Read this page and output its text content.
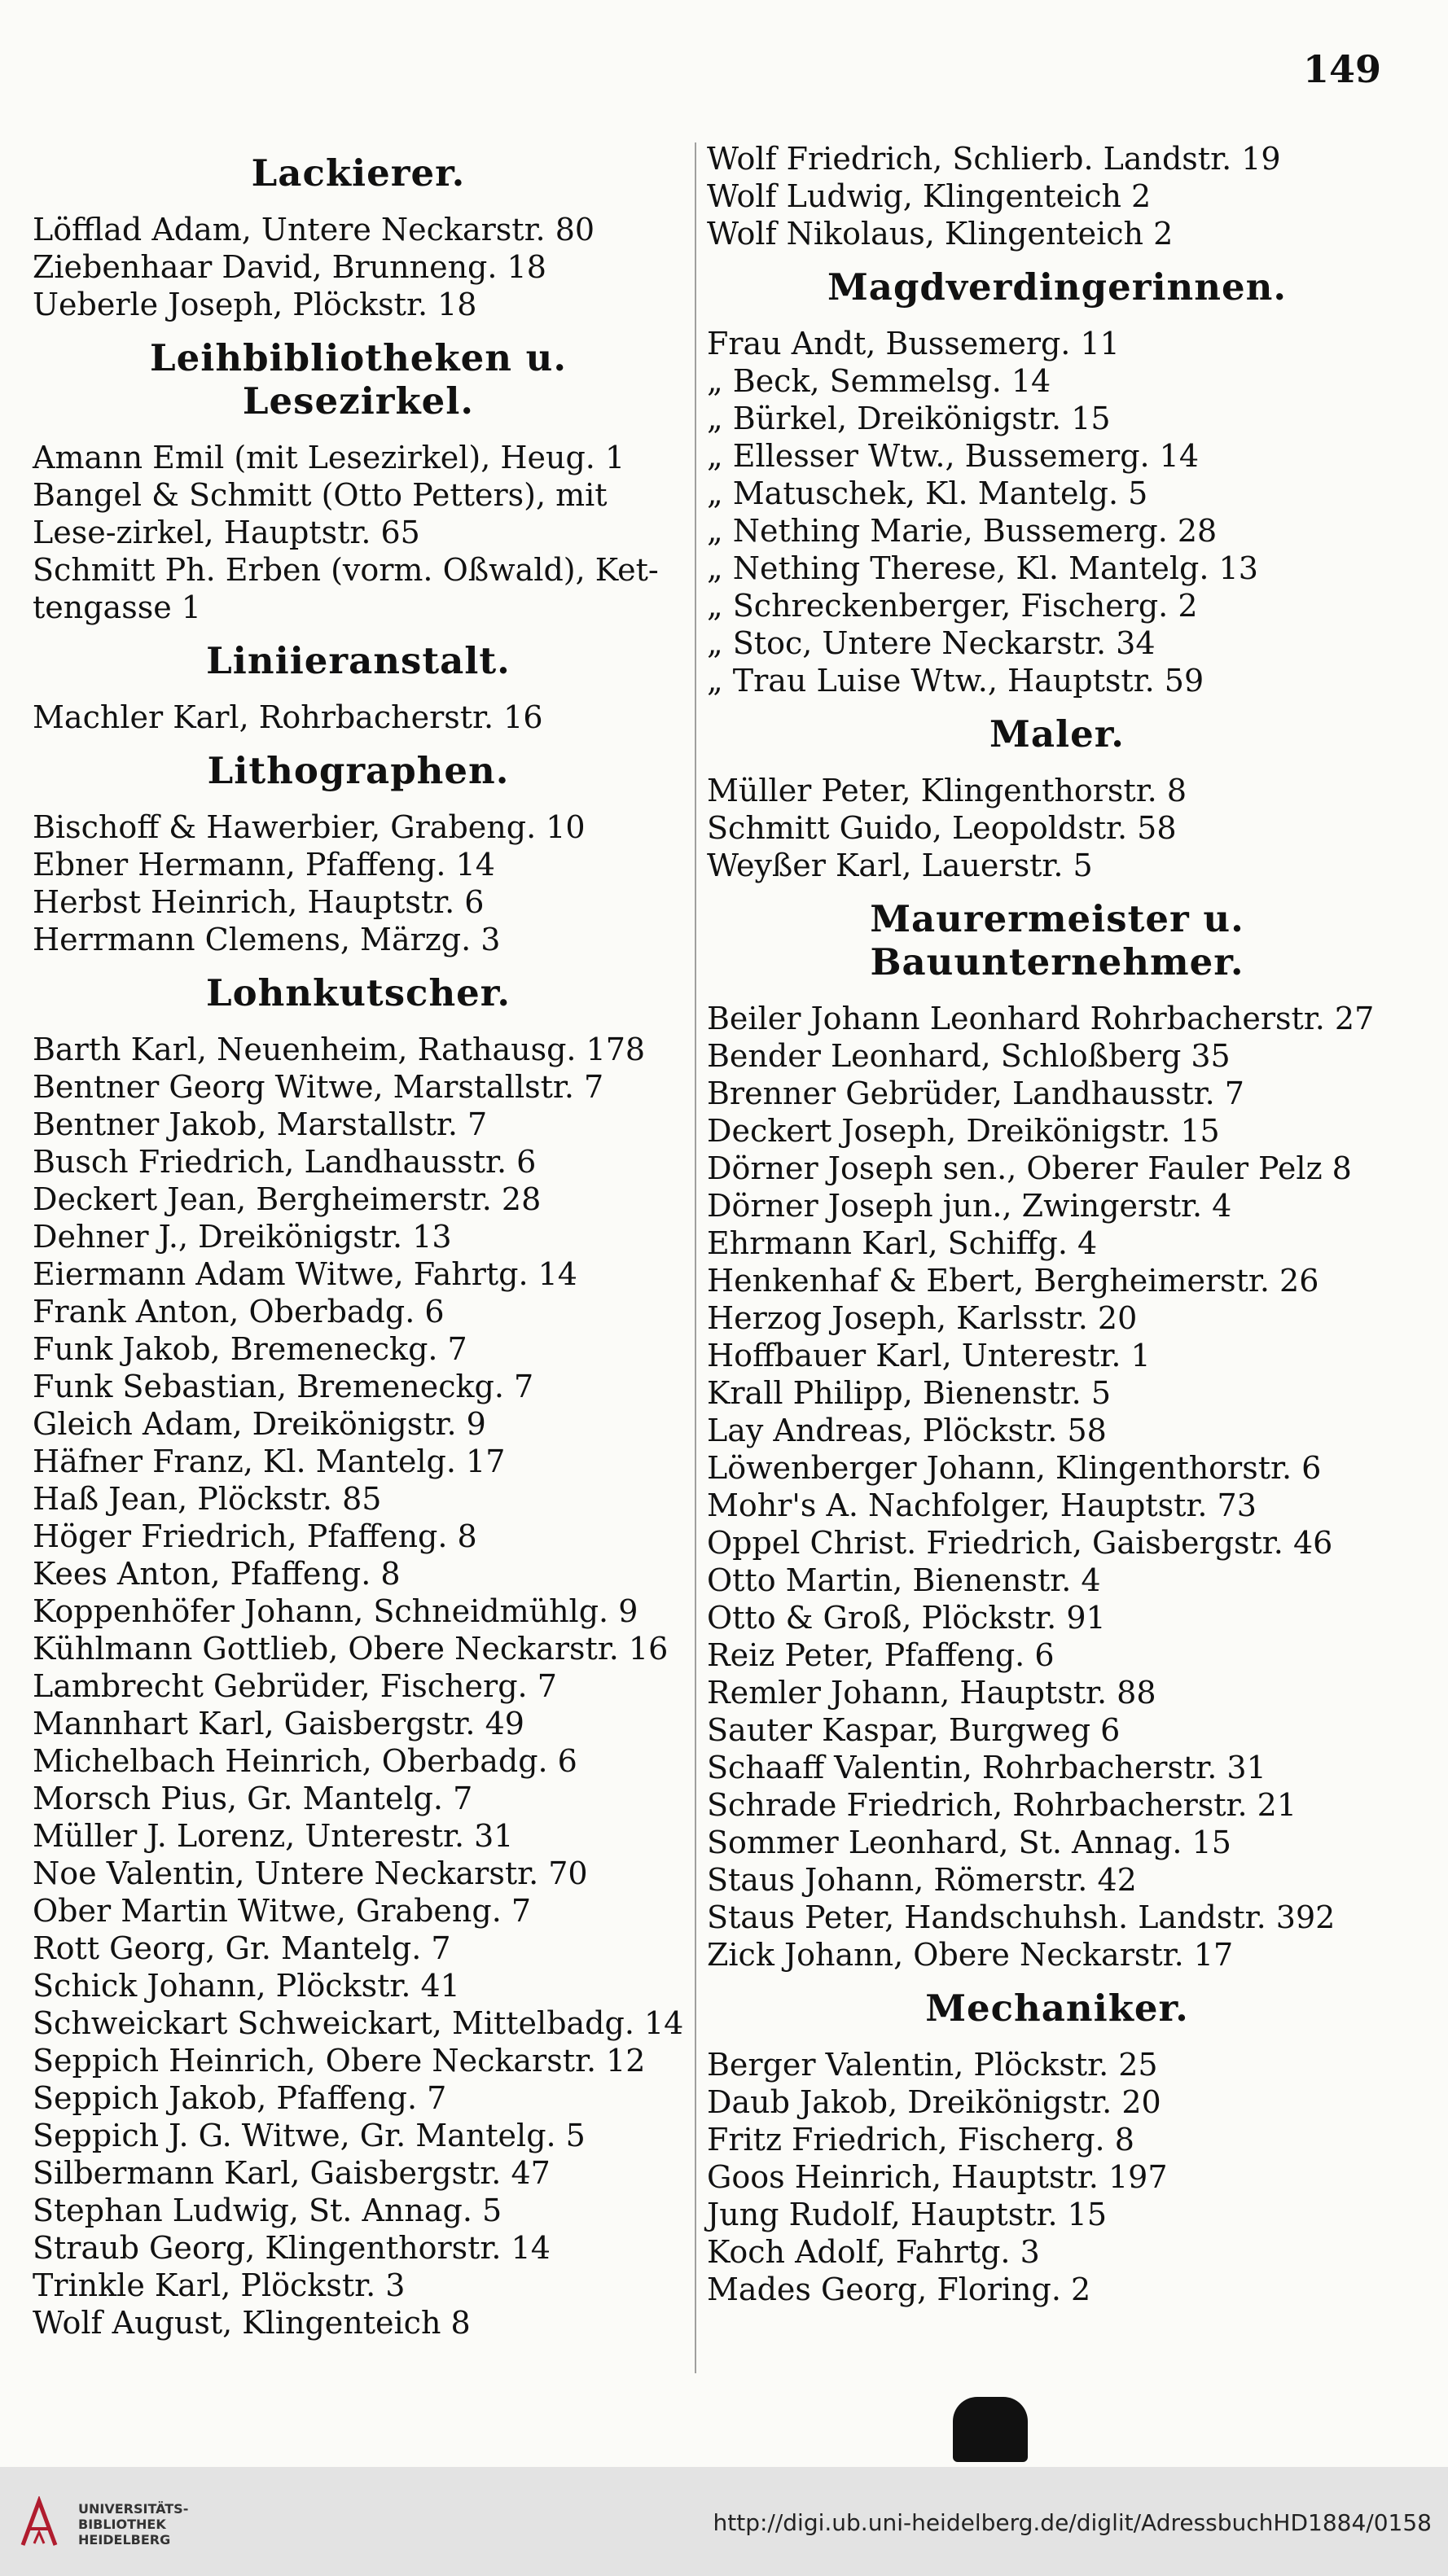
149
Lackierer.
Löfflad Adam, Untere Neckarstr. 80
Ziebenhaar David, Brunneng. 18
Ueberle Joseph, Plöckstr. 18
Leihbibliotheken u. Lesezirkel.
Amann Emil (mit Lesezirkel), Heug. 1
Bangel & Schmitt (Otto Petters), mit Lese-zirkel, Hauptstr. 65
Schmitt Ph. Erben (vorm. Oßwald), Ket-tengasse 1
Liniieranstalt.
Machler Karl, Rohrbacherstr. 16
Lithographen.
Bischoff & Hawerbier, Grabeng. 10
Ebner Hermann, Pfaffeng. 14
Herbst Heinrich, Hauptstr. 6
Herrmann Clemens, Märzg. 3
Lohnkutscher.
Barth Karl, Neuenheim, Rathausg. 178
Bentner Georg Witwe, Marstallstr. 7
Bentner Jakob, Marstallstr. 7
Busch Friedrich, Landhausstr. 6
Deckert Jean, Bergheimerstr. 28
Dehner J., Dreikönigstr. 13
Eiermann Adam Witwe, Fahrtg. 14
Frank Anton, Oberbadg. 6
Funk Jakob, Bremeneckg. 7
Funk Sebastian, Bremeneckg. 7
Gleich Adam, Dreikönigstr. 9
Häfner Franz, Kl. Mantelg. 17
Haß Jean, Plöckstr. 85
Höger Friedrich, Pfaffeng. 8
Kees Anton, Pfaffeng. 8
Koppenhöfer Johann, Schneidmühlg. 9
Kühlmann Gottlieb, Obere Neckarstr. 16
Lambrecht Gebrüder, Fischerg. 7
Mannhart Karl, Gaisbergstr. 49
Michelbach Heinrich, Oberbadg. 6
Morsch Pius, Gr. Mantelg. 7
Müller J. Lorenz, Unterestr. 31
Noe Valentin, Untere Neckarstr. 70
Ober Martin Witwe, Grabeng. 7
Rott Georg, Gr. Mantelg. 7
Schick Johann, Plöckstr. 41
Schweickart Schweickart, Mittelbadg. 14
Seppich Heinrich, Obere Neckarstr. 12
Seppich Jakob, Pfaffeng. 7
Seppich J. G. Witwe, Gr. Mantelg. 5
Silbermann Karl, Gaisbergstr. 47
Stephan Ludwig, St. Annag. 5
Straub Georg, Klingenthorstr. 14
Trinkle Karl, Plöckstr. 3
Wolf August, Klingenteich 8
Wolf Friedrich, Schlierb. Landstr. 19
Wolf Ludwig, Klingenteich 2
Wolf Nikolaus, Klingenteich 2
Magdverdingerinnen.
Frau Andt, Bussemerg. 11
„ Beck, Semmelsg. 14
„ Bürkel, Dreikönigstr. 15
„ Ellesser Wtw., Bussemerg. 14
„ Matuschek, Kl. Mantelg. 5
„ Nething Marie, Bussemerg. 28
„ Nething Therese, Kl. Mantelg. 13
„ Schreckenberger, Fischerg. 2
„ Stoc, Untere Neckarstr. 34
„ Trau Luise Wtw., Hauptstr. 59
Maler.
Müller Peter, Klingenthorstr. 8
Schmitt Guido, Leopoldstr. 58
Weyßer Karl, Lauerstr. 5
Maurermeister u. Bauunternehmer.
Beiler Johann Leonhard Rohrbacherstr. 27
Bender Leonhard, Schloßberg 35
Brenner Gebrüder, Landhausstr. 7
Deckert Joseph, Dreikönigstr. 15
Dörner Joseph sen., Oberer Fauler Pelz 8
Dörner Joseph jun., Zwingerstr. 4
Ehrmann Karl, Schiffg. 4
Henkenhaf & Ebert, Bergheimerstr. 26
Herzog Joseph, Karlsstr. 20
Hoffbauer Karl, Unterestr. 1
Krall Philipp, Bienenstr. 5
Lay Andreas, Plöckstr. 58
Löwenberger Johann, Klingenthorstr. 6
Mohr's A. Nachfolger, Hauptstr. 73
Oppel Christ. Friedrich, Gaisbergstr. 46
Otto Martin, Bienenstr. 4
Otto & Groß, Plöckstr. 91
Reiz Peter, Pfaffeng. 6
Remler Johann, Hauptstr. 88
Sauter Kaspar, Burgweg 6
Schaaff Valentin, Rohrbacherstr. 31
Schrade Friedrich, Rohrbacherstr. 21
Sommer Leonhard, St. Annag. 15
Staus Johann, Römerstr. 42
Staus Peter, Handschuhsh. Landstr. 392
Zick Johann, Obere Neckarstr. 17
Mechaniker.
Berger Valentin, Plöckstr. 25
Daub Jakob, Dreikönigstr. 20
Fritz Friedrich, Fischerg. 8
Goos Heinrich, Hauptstr. 197
Jung Rudolf, Hauptstr. 15
Koch Adolf, Fahrtg. 3
Mades Georg, Floring. 2
UNIVERSITÄTS-
BIBLIOTHEK
HEIDELBERG
http://digi.ub.uni-heidelberg.de/diglit/AdressbuchHD1884/0158
